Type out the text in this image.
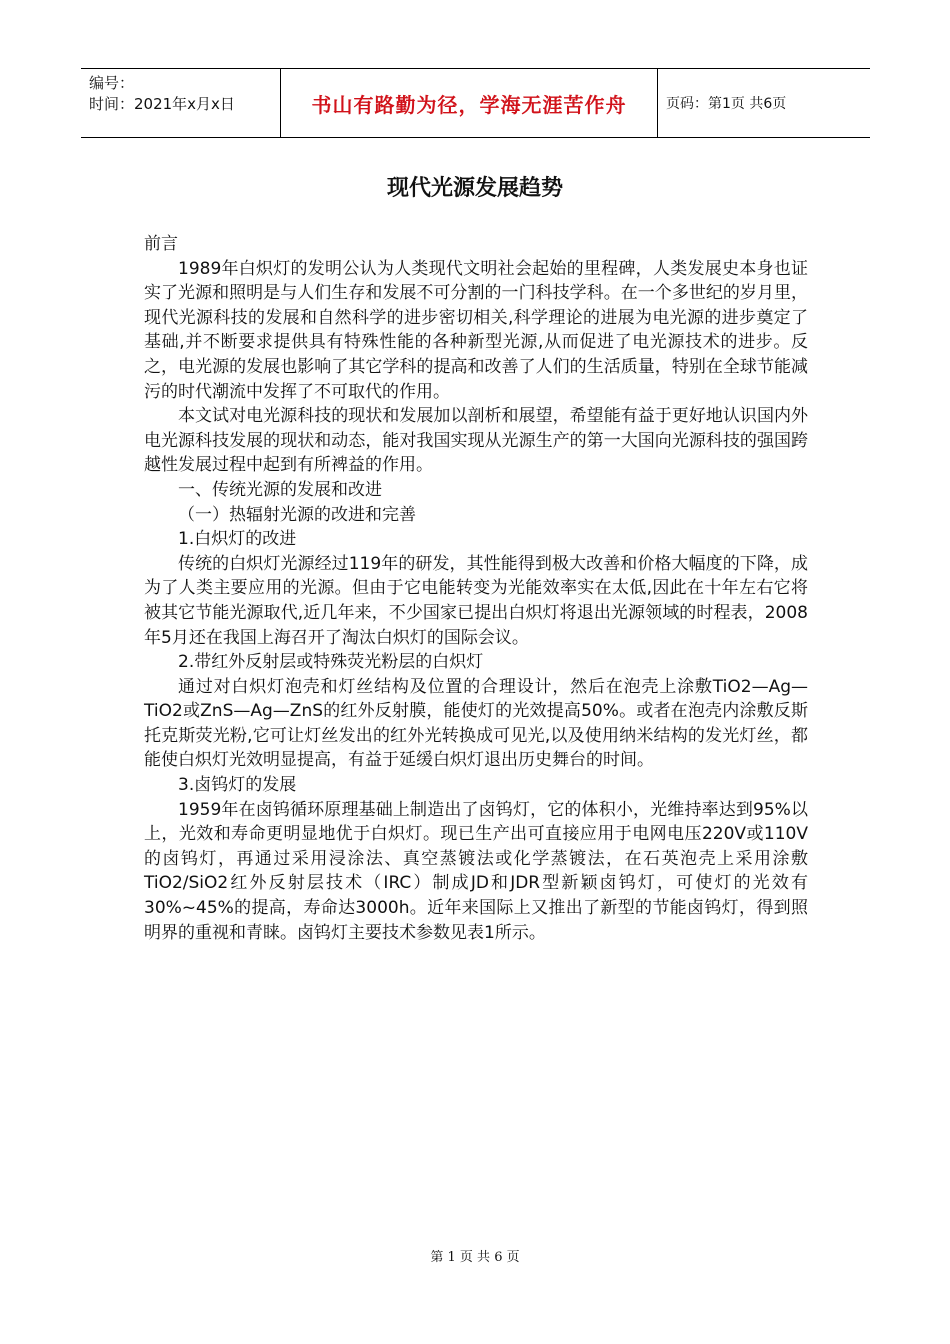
编号：
时间：2021年x月x日	书山有路勤为径，学海无涯苦作舟	页码：第1页 共6页
现代光源发展趋势

前言

1989年白炽灯的发明公认为人类现代文明社会起始的里程碑，人类发展史本身也证实了光源和照明是与人们生存和发展不可分割的一门科技学科。在一个多世纪的岁月里，现代光源科技的发展和自然科学的进步密切相关,科学理论的进展为电光源的进步奠定了基础,并不断要求提供具有特殊性能的各种新型光源,从而促进了电光源技术的进步。反之，电光源的发展也影响了其它学科的提高和改善了人们的生活质量，特别在全球节能减污的时代潮流中发挥了不可取代的作用。

本文试对电光源科技的现状和发展加以剖析和展望，希望能有益于更好地认识国内外电光源科技发展的现状和动态，能对我国实现从光源生产的第一大国向光源科技的强国跨越性发展过程中起到有所裨益的作用。

一、传统光源的发展和改进

（一）热辐射光源的改进和完善

1.白炽灯的改进

传统的白炽灯光源经过119年的研发，其性能得到极大改善和价格大幅度的下降，成为了人类主要应用的光源。但由于它电能转变为光能效率实在太低,因此在十年左右它将被其它节能光源取代,近几年来，不少国家已提出白炽灯将退出光源领域的时程表，2008年5月还在我国上海召开了淘汰白炽灯的国际会议。

2.带红外反射层或特殊荧光粉层的白炽灯

通过对白炽灯泡壳和灯丝结构及位置的合理设计，然后在泡壳上涂敷TiO2—Ag—TiO2或ZnS—Ag—ZnS的红外反射膜，能使灯的光效提高50%。或者在泡壳内涂敷反斯托克斯荧光粉,它可让灯丝发出的红外光转换成可见光,以及使用纳米结构的发光灯丝，都能使白炽灯光效明显提高，有益于延缓白炽灯退出历史舞台的时间。

3.卤钨灯的发展

1959年在卤钨循环原理基础上制造出了卤钨灯，它的体积小，光维持率达到95%以上，光效和寿命更明显地优于白炽灯。现已生产出可直接应用于电网电压220V或110V的卤钨灯，再通过采用浸涂法、真空蒸镀法或化学蒸镀法，在石英泡壳上采用涂敷TiO2/SiO2红外反射层技术（IRC）制成JD和JDR型新颖卤钨灯，可使灯的光效有30%~45%的提高，寿命达3000h。近年来国际上又推出了新型的节能卤钨灯，得到照明界的重视和青睐。卤钨灯主要技术参数见表1所示。

第 1 页 共 6 页
